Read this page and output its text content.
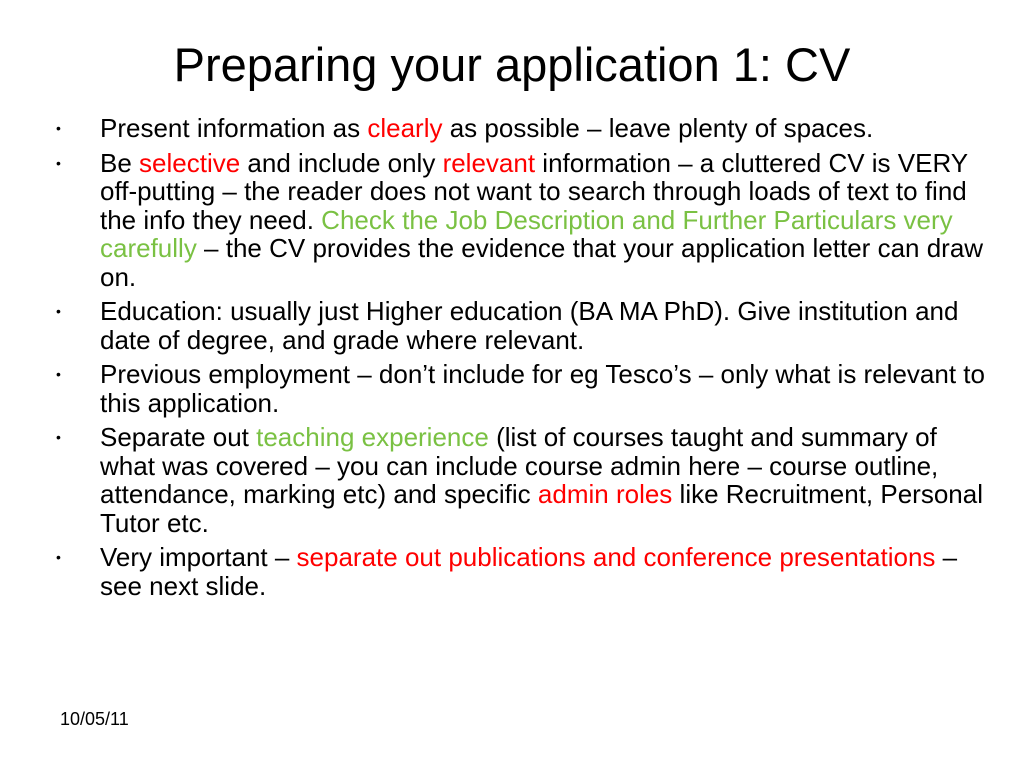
Preparing your application 1: CV
• Present information as clearly as possible – leave plenty of spaces.
• Be selective and include only relevant information – a cluttered CV is VERY off-putting – the reader does not want to search through loads of text to find the info they need. Check the Job Description and Further Particulars very carefully – the CV provides the evidence that your application letter can draw on.
• Education: usually just Higher education (BA MA PhD). Give institution and date of degree, and grade where relevant.
• Previous employment – don’t include for eg Tesco’s – only what is relevant to this application.
• Separate out teaching experience (list of courses taught and summary of what was covered – you can include course admin here – course outline, attendance, marking etc) and specific admin roles like Recruitment, Personal Tutor etc.
• Very important – separate out publications and conference presentations – see next slide.
10/05/11
